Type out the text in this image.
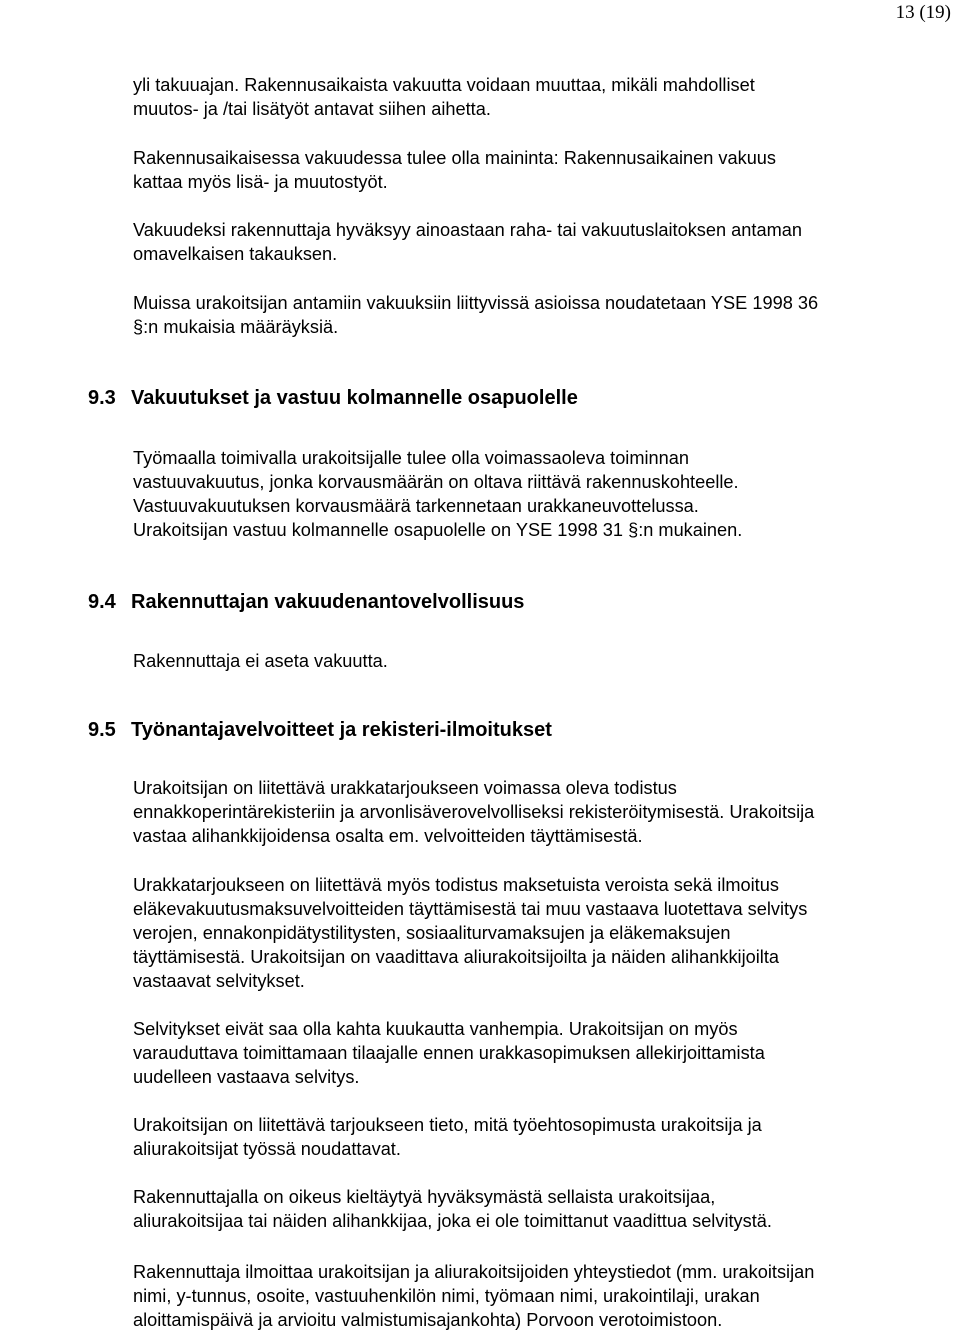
13 (19)
yli takuuajan. Rakennusaikaista vakuutta voidaan muuttaa, mikäli mahdolliset
muutos- ja /tai lisätyöt antavat siihen aihetta.
Rakennusaikaisessa vakuudessa tulee olla maininta: Rakennusaikainen vakuus
kattaa myös lisä- ja muutostyöt.
Vakuudeksi rakennuttaja hyväksyy ainoastaan raha- tai vakuutuslaitoksen antaman
omavelkaisen takauksen.
Muissa urakoitsijan antamiin vakuuksiin liittyvissä asioissa noudatetaan YSE 1998 36
§:n mukaisia määräyksiä.
9.3 Vakuutukset ja vastuu kolmannelle osapuolelle
Työmaalla toimivalla urakoitsijalle tulee olla voimassaoleva toiminnan
vastuuvakuutus, jonka korvausmäärän on oltava riittävä rakennuskohteelle.
Vastuuvakuutuksen korvausmäärä tarkennetaan urakkaneuvottelussa.
Urakoitsijan vastuu kolmannelle osapuolelle on YSE 1998 31 §:n mukainen.
9.4 Rakennuttajan vakuudenantovelvollisuus
Rakennuttaja ei aseta vakuutta.
9.5 Työnantajavelvoitteet ja rekisteri-ilmoitukset
Urakoitsijan on liitettävä urakkatarjoukseen voimassa oleva todistus
ennakkoperintärekisteriin ja arvonlisäverovelvolliseksi rekisteröitymisestä. Urakoitsija
vastaa alihankkijoidensa osalta em. velvoitteiden täyttämisestä.
Urakkatarjoukseen on liitettävä myös todistus maksetuista veroista sekä ilmoitus
eläkevakuutusmaksuvelvoitteiden täyttämisestä tai muu vastaava luotettava selvitys
verojen, ennakonpidätystilitysten, sosiaaliturvamaksujen ja eläkemaksujen
täyttämisestä. Urakoitsijan on vaadittava aliurakoitsijoilta ja näiden alihankkijoilta
vastaavat selvitykset.
Selvitykset eivät saa olla kahta kuukautta vanhempia. Urakoitsijan on myös
varauduttava toimittamaan tilaajalle ennen urakkasopimuksen allekirjoittamista
uudelleen vastaava selvitys.
Urakoitsijan on liitettävä tarjoukseen tieto, mitä työehtosopimusta urakoitsija ja
aliurakoitsijat työssä noudattavat.
Rakennuttajalla on oikeus kieltäytyä hyväksymästä sellaista urakoitsijaa,
aliurakoitsijaa tai näiden alihankkijaa, joka ei ole toimittanut vaadittua selvitystä.
Rakennuttaja ilmoittaa urakoitsijan ja aliurakoitsijoiden yhteystiedot (mm. urakoitsijan
nimi, y-tunnus, osoite, vastuuhenkilön nimi, työmaan nimi, urakointilaji, urakan
aloittamispäivä ja arvioitu valmistumisajankohta) Porvoon verotoimistoon.
